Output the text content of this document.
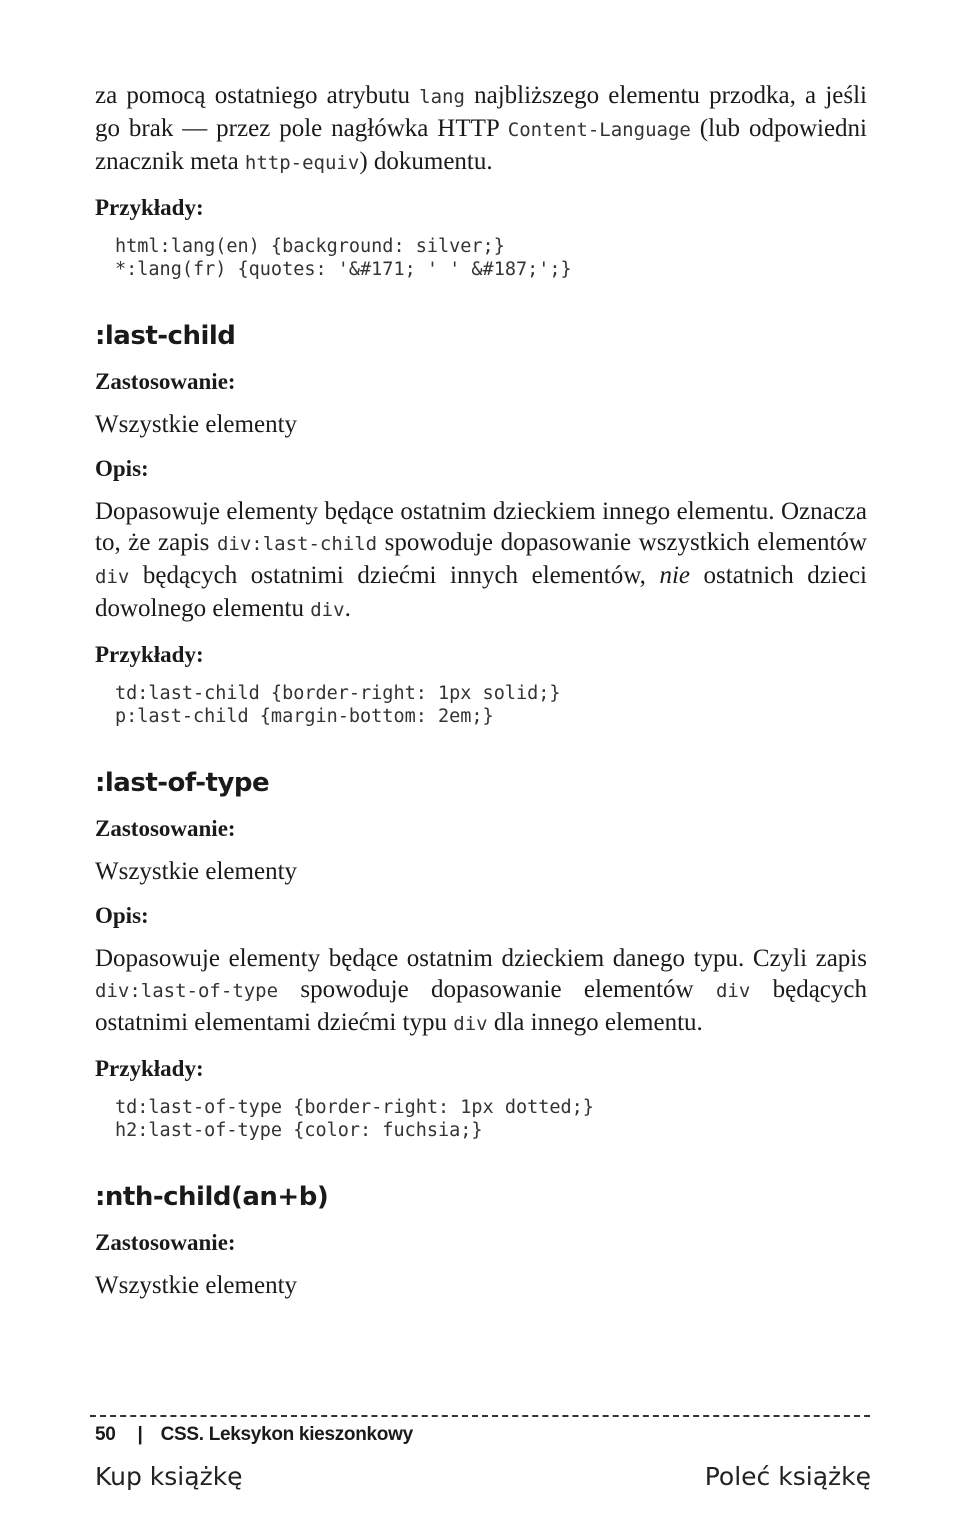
za pomocą ostatniego atrybutu lang najbliższego elementu przodka, a jeśli go brak — przez pole nagłówka HTTP Content-Language (lub odpowiedni znacznik meta http-equiv) dokumentu.

Przykłady:
html:lang(en) {background: silver;}
*:lang(fr) {quotes: '&#171; ' ' &#187;';}
:last-child
Zastosowanie:

Wszystkie elementy

Opis:

Dopasowuje elementy będące ostatnim dzieckiem innego elementu. Oznacza to, że zapis div:last-child spowoduje dopasowanie wszystkich elementów div będących ostatnimi dziećmi innych elementów, nie ostatnich dzieci dowolnego elementu div.

Przykłady:
td:last-child {border-right: 1px solid;}
p:last-child {margin-bottom: 2em;}
:last-of-type
Zastosowanie:

Wszystkie elementy

Opis:

Dopasowuje elementy będące ostatnim dzieckiem danego typu. Czyli zapis div:last-of-type spowoduje dopasowanie elementów div będących ostatnimi elementami dziećmi typu div dla innego elementu.

Przykłady:
td:last-of-type {border-right: 1px dotted;}
h2:last-of-type {color: fuchsia;}
:nth-child(an+b)
Zastosowanie:

Wszystkie elementy

50 | CSS. Leksykon kieszonkowy
Kup książkę	Poleć książkę
